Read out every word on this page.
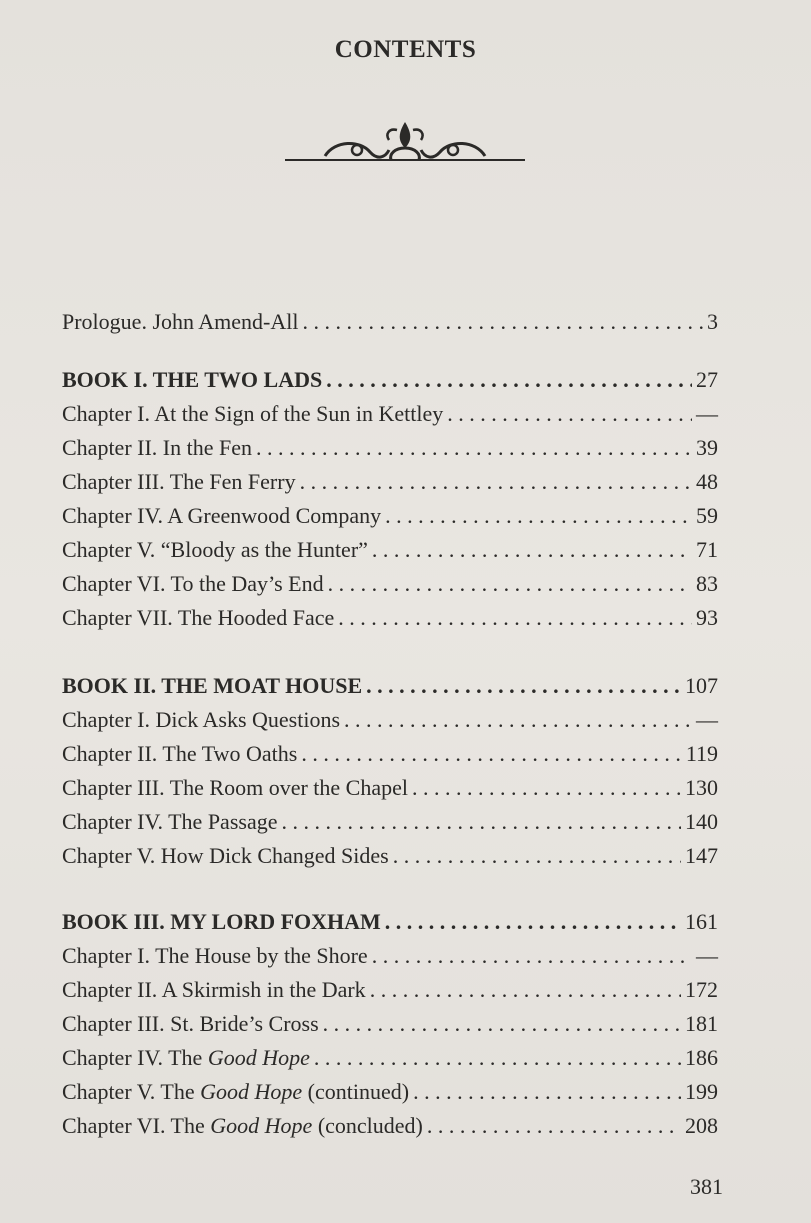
CONTENTS
Prologue. John Amend-All . . .	3
BOOK I. THE TWO LADS . . .	27
Chapter I. At the Sign of the Sun in Kettley . . .	—
Chapter II. In the Fen . . .	39
Chapter III. The Fen Ferry . . .	48
Chapter IV. A Greenwood Company . . .	59
Chapter V. “Bloody as the Hunter” . . .	71
Chapter VI. To the Day’s End . . .	83
Chapter VII. The Hooded Face . . .	93
BOOK II. THE MOAT HOUSE . . .	107
Chapter I. Dick Asks Questions . . .	—
Chapter II. The Two Oaths . . .	119
Chapter III. The Room over the Chapel . . .	130
Chapter IV. The Passage . . .	140
Chapter V. How Dick Changed Sides . . .	147
BOOK III. MY LORD FOXHAM . . .	161
Chapter I. The House by the Shore . . .	—
Chapter II. A Skirmish in the Dark . . .	172
Chapter III. St. Bride’s Cross . . .	181
Chapter IV. The Good Hope . . .	186
Chapter V. The Good Hope (continued) . . .	199
Chapter VI. The Good Hope (concluded) . . .	208
381
